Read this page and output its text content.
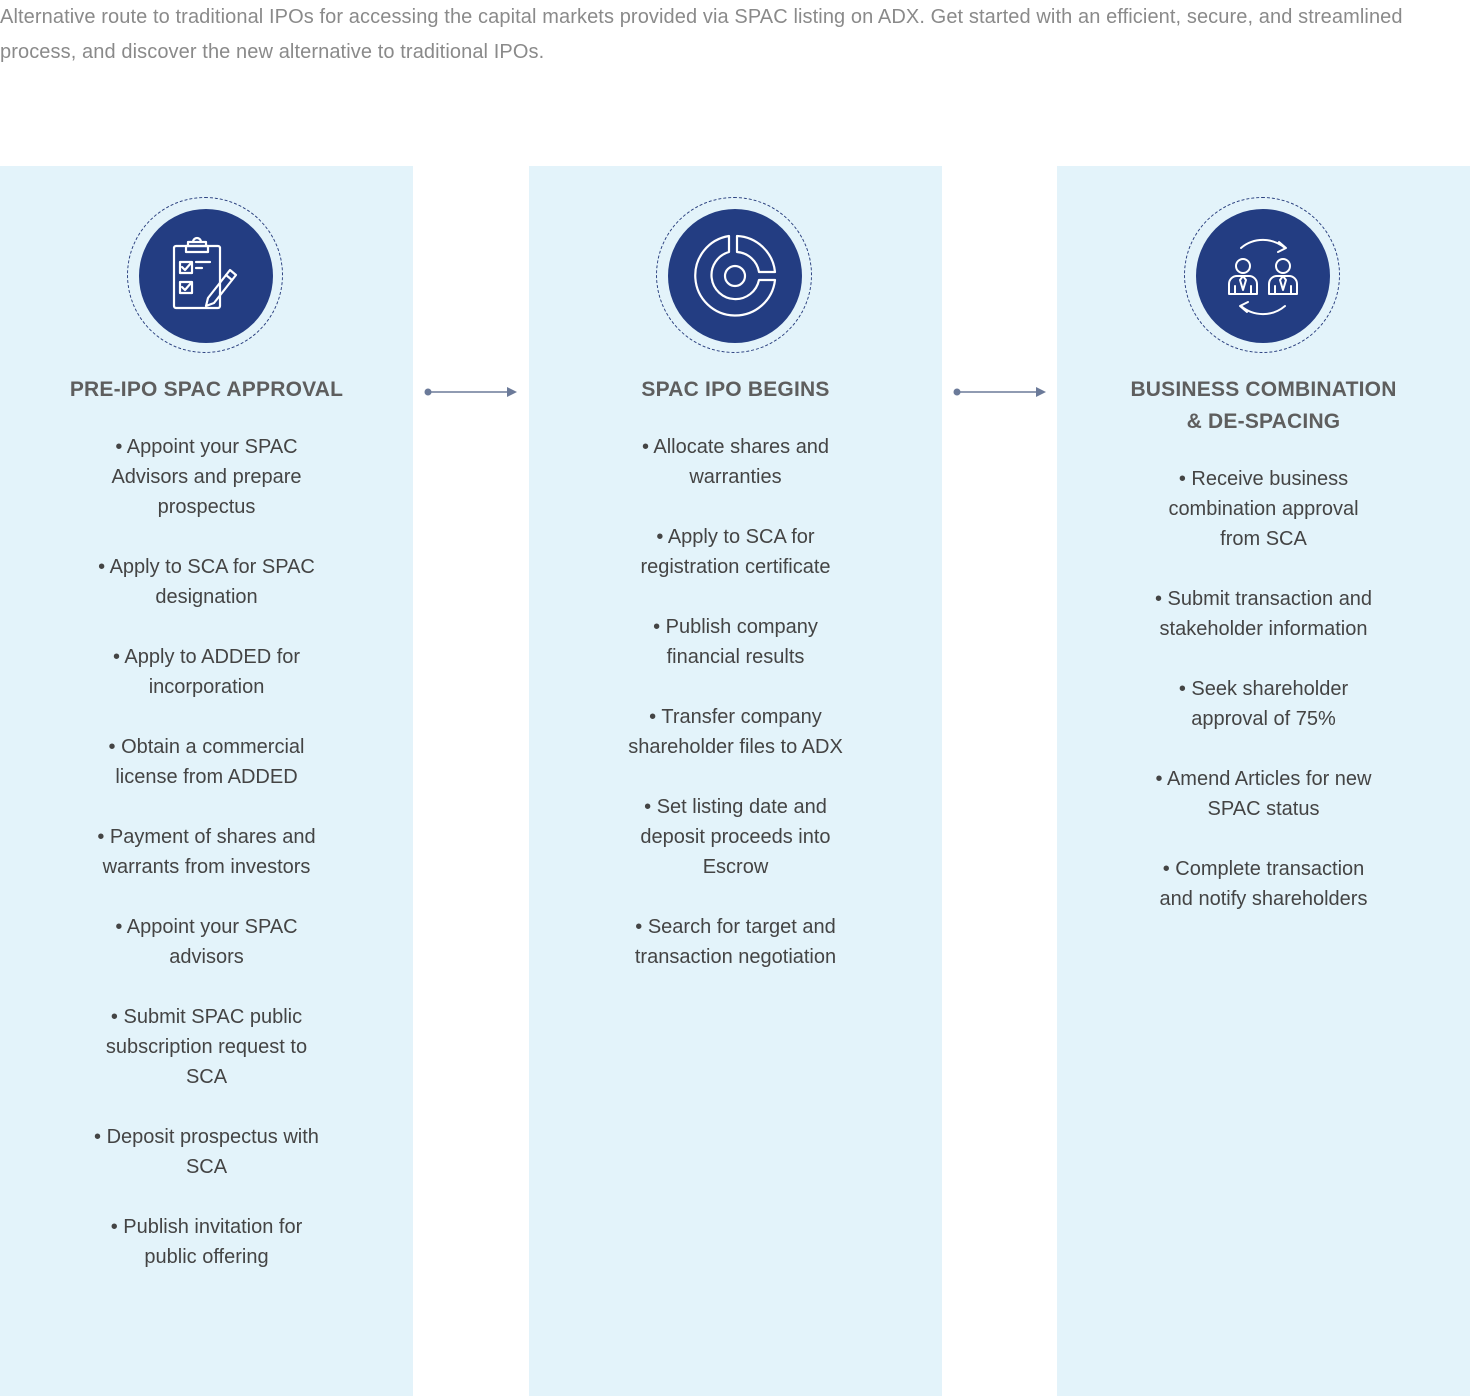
Alternative route to traditional IPOs for accessing the capital markets provided via SPAC listing on ADX. Get started with an efficient, secure, and streamlined process, and discover the new alternative to traditional IPOs.

PRE-IPO SPAC APPROVAL
• Appoint your SPAC Advisors and prepare prospectus
• Apply to SCA for SPAC designation
• Apply to ADDED for incorporation
• Obtain a commercial license from ADDED
• Payment of shares and warrants from investors
• Appoint your SPAC advisors
• Submit SPAC public subscription request to SCA
• Deposit prospectus with SCA
• Publish invitation for public offering
SPAC IPO BEGINS
• Allocate shares and warranties
• Apply to SCA for registration certificate
• Publish company financial results
• Transfer company shareholder files to ADX
• Set listing date and deposit proceeds into Escrow
• Search for target and transaction negotiation
BUSINESS COMBINATION
& DE-SPACING
• Receive business combination approval from SCA
• Submit transaction and stakeholder information
• Seek shareholder approval of 75%
• Amend Articles for new SPAC status
• Complete transaction and notify shareholders
